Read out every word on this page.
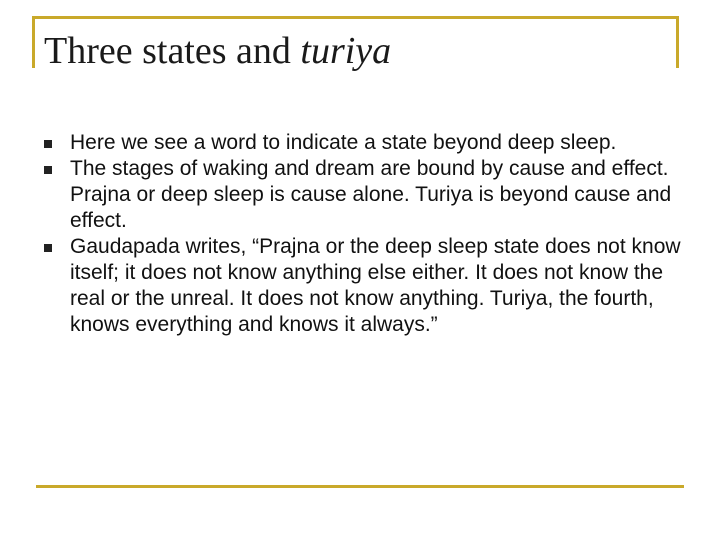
Three states and turiya
Here we see a word to indicate a state beyond deep sleep.
The stages of waking and dream are bound by cause and effect. Prajna or deep sleep is cause alone. Turiya is beyond cause and effect.
Gaudapada writes, “Prajna or the deep sleep state does not know itself; it does not know anything else either. It does not know the real or the unreal. It does not know anything. Turiya, the fourth, knows everything and knows it always.”
